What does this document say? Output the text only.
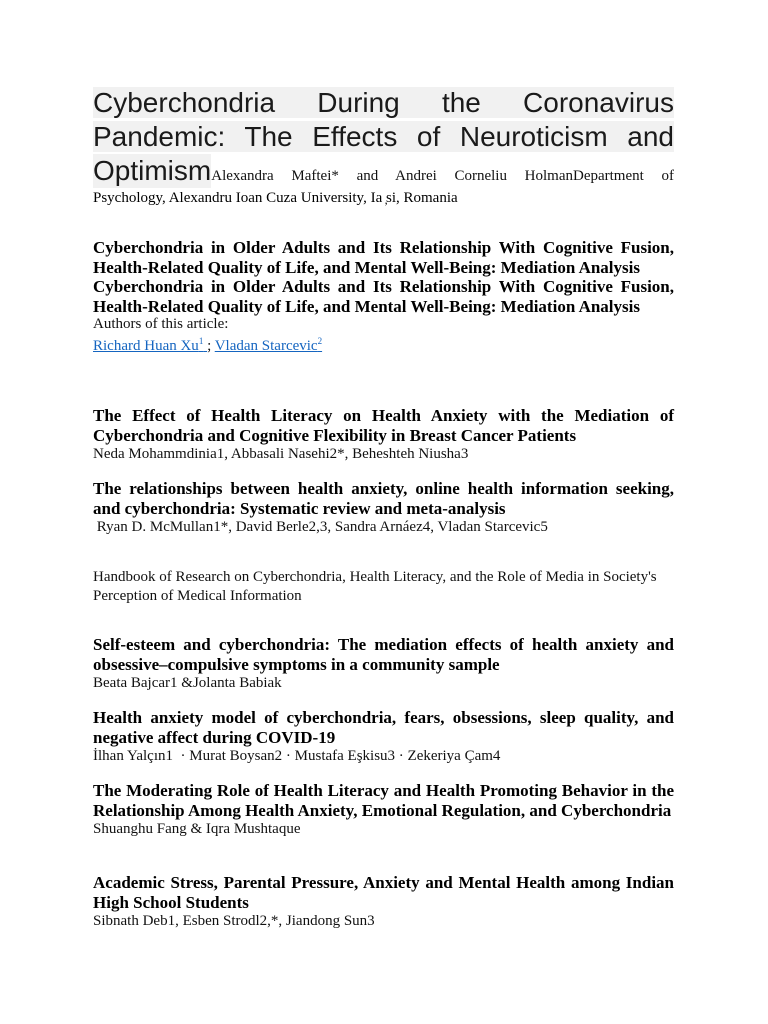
Cyberchondria During the Coronavirus
Pandemic: The Effects of Neuroticism and
Optimism Alexandra Maftei* and Andrei Corneliu HolmanDepartment of

Psychology, Alexandru Ioan Cuza University, Ia ̦si, Romania

Cyberchondria in Older Adults and Its Relationship With Cognitive Fusion, Health-Related Quality of Life, and Mental Well-Being: Mediation Analysis

Cyberchondria in Older Adults and Its Relationship With Cognitive Fusion, Health-Related Quality of Life, and Mental Well-Being: Mediation Analysis

Authors of this article:

Richard Huan Xu$^1$ ; Vladan Starcevic$^2$

The Effect of Health Literacy on Health Anxiety with the Mediation of Cyberchondria and Cognitive Flexibility in Breast Cancer Patients

Neda Mohammdinia1, Abbasali Nasehi2*, Beheshteh Niusha3

The relationships between health anxiety, online health information seeking, and cyberchondria: Systematic review and meta-analysis

Ryan D. McMullan1*, David Berle2,3, Sandra Arnáez4, Vladan Starcevic5

Handbook of Research on Cyberchondria, Health Literacy, and the Role of Media in Society's Perception of Medical Information

Self-esteem and cyberchondria: The mediation effects of health anxiety and obsessive–compulsive symptoms in a community sample

Beata Bajcar1 &Jolanta Babiak

Health anxiety model of cyberchondria, fears, obsessions, sleep quality, and negative affect during COVID-19

İlhan Yalçın1  · Murat Boysan2 · Mustafa Eşkisu3 · Zekeriya Çam4

The Moderating Role of Health Literacy and Health Promoting Behavior in the Relationship Among Health Anxiety, Emotional Regulation, and Cyberchondria

Shuanghu Fang & Iqra Mushtaque

Academic Stress, Parental Pressure, Anxiety and Mental Health among Indian High School Students

Sibnath Deb1, Esben Strodl2,*, Jiandong Sun3
